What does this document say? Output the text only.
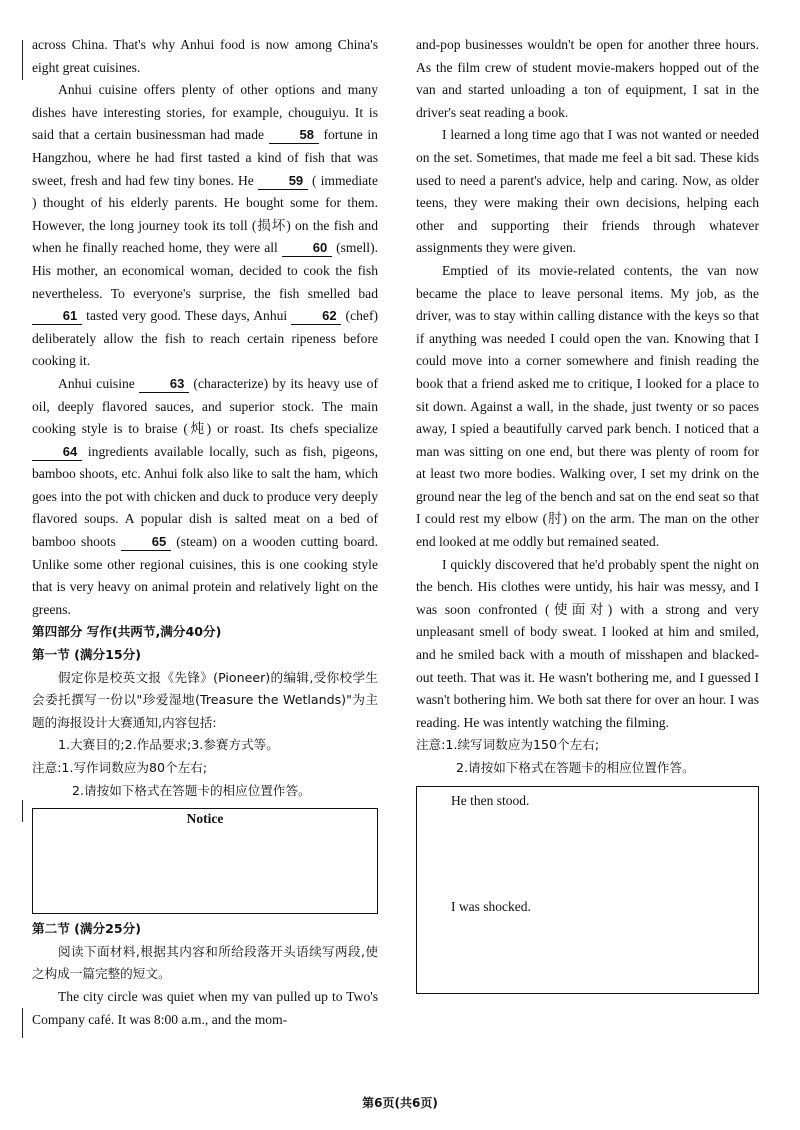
across China. That's why Anhui food is now among China's eight great cuisines.

Anhui cuisine offers plenty of other options and many dishes have interesting stories, for example, chouguiyu. It is said that a certain businessman had made	58 fortune in Hangzhou, where he had first tasted a kind of fish that was sweet, fresh and had few tiny bones. He	59 ( immediate ) thought of his elderly parents. He bought some for them. However, the long journey took its toll (损坏) on the fish and when he finally reached home, they were all	60 (smell). His mother, an economical woman, decided to cook the fish nevertheless. To everyone's surprise, the fish smelled bad 61 tasted very good. These days, Anhui	62 (chef) deliberately allow the fish to reach certain ripeness before cooking it.

Anhui cuisine	63 (characterize) by its heavy use of oil, deeply flavored sauces, and superior stock. The main cooking style is to braise (炖) or roast. Its chefs specialize 64 ingredients available locally, such as fish, pigeons, bamboo shoots, etc. Anhui folk also like to salt the ham, which goes into the pot with chicken and duck to produce very deeply flavored soups. A popular dish is salted meat on a bed of bamboo shoots	65 (steam) on a wooden cutting board. Unlike some other regional cuisines, this is one cooking style that is very heavy on animal protein and relatively light on the greens.

第四部分 写作(共两节,满分40分)

第一节 (满分15分)

假定你是校英文报《先锋》(Pioneer)的编辑,受你校学生会委托撰写一份以"珍爱湿地(Treasure the Wetlands)"为主题的海报设计大赛通知,内容包括:

1.大赛目的;2.作品要求;3.参赛方式等。

注意:1.写作词数应为80个左右;

2.请按如下格式在答题卡的相应位置作答。

Notice

第二节 (满分25分)

阅读下面材料,根据其内容和所给段落开头语续写两段,使之构成一篇完整的短文。

The city circle was quiet when my van pulled up to Two's Company café. It was 8:00 a.m., and the mom-

and-pop businesses wouldn't be open for another three hours. As the film crew of student movie-makers hopped out of the van and started unloading a ton of equipment, I sat in the driver's seat reading a book.

I learned a long time ago that I was not wanted or needed on the set. Sometimes, that made me feel a bit sad. These kids used to need a parent's advice, help and caring. Now, as older teens, they were making their own decisions, helping each other and supporting their friends through whatever assignments they were given.

Emptied of its movie-related contents, the van now became the place to leave personal items. My job, as the driver, was to stay within calling distance with the keys so that if anything was needed I could open the van. Knowing that I could move into a corner somewhere and finish reading the book that a friend asked me to critique, I looked for a place to sit down. Against a wall, in the shade, just twenty or so paces away, I spied a beautifully carved park bench. I noticed that a man was sitting on one end, but there was plenty of room for at least two more bodies. Walking over, I set my drink on the ground near the leg of the bench and sat on the end seat so that I could rest my elbow (肘) on the arm. The man on the other end looked at me oddly but remained seated.

I quickly discovered that he'd probably spent the night on the bench. His clothes were untidy, his hair was messy, and I was soon confronted (使面对) with a strong and very unpleasant smell of body sweat. I looked at him and smiled, and he smiled back with a mouth of misshapen and blacked-out teeth. That was it. He wasn't bothering me, and I guessed I wasn't bothering him. We both sat there for over an hour. I was reading. He was intently watching the filming.

注意:1.续写词数应为150个左右;

2.请按如下格式在答题卡的相应位置作答。

He then stood.
I was shocked.
第6页(共6页)
